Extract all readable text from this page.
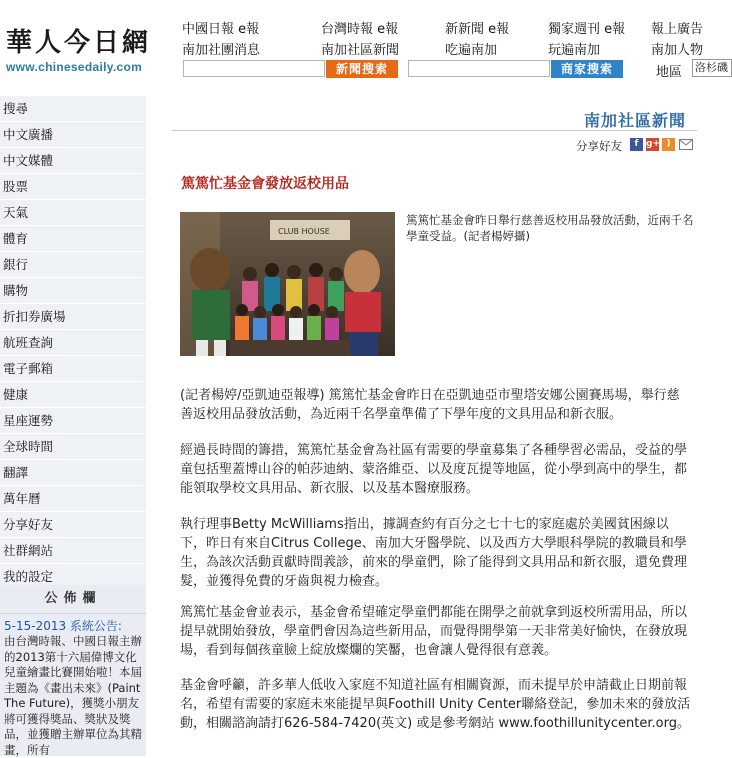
華人今日網
www.chinesedaily.com
中國日報 e報	台灣時報 e報	新新聞 e報	獨家週刊 e報 報上廣告
南加社團消息	南加社區新聞	吃遍南加	玩遍南加	南加人物
新聞搜索	商家搜索	地區 洛杉磯
搜尋
中文廣播
中文媒體
股票
天氣
體育
銀行
購物
折扣券廣場
航班查詢
電子郵箱
健康
星座運勢
全球時間
翻譯
萬年曆
分享好友
社群網站
我的設定
公佈欄
5-15-2013 系統公告:
由台灣時報、中國日報主辦的2013第十六屆偉博文化兒童繪畫比賽開始啦！本屆主題為《畫出未來》(Paint The Future)，獲獎小朋友將可獲得獎品、獎狀及獎品，並獲贈主辦單位為其精畫，所有
南加社區新聞
分享好友	f g+ )
篤篤忙基金會發放返校用品
CLUB HOUSE
篤篤忙基金會昨日舉行慈善返校用品發放活動，近兩千名學童受益。(記者楊婷攝)
(記者楊婷/亞凱迪亞報導) 篤篤忙基金會昨日在亞凱迪亞市聖塔安娜公園賽馬場，舉行慈善返校用品發放活動，為近兩千名學童準備了下學年度的文具用品和新衣服。
經過長時間的籌措，篤篤忙基金會為社區有需要的學童募集了各種學習必需品，受益的學童包括聖蓋博山谷的帕莎迪納、蒙洛維亞、以及度瓦提等地區，從小學到高中的學生，都能領取學校文具用品、新衣服、以及基本醫療服務。
執行理事Betty McWilliams指出，據調查約有百分之七十七的家庭處於美國貧困線以下，昨日有來自Citrus College、南加大牙醫學院、以及西方大學眼科學院的教職員和學生，為該次活動貢獻時間義診，前來的學童們，除了能得到文具用品和新衣服，還免費理髮，並獲得免費的牙齒與視力檢查。
篤篤忙基金會並表示，基金會希望確定學童們都能在開學之前就拿到返校所需用品，所以提早就開始發放，學童們會因為這些新用品，而覺得開學第一天非常美好愉快，在發放現場，看到每個孩童臉上綻放燦爛的笑靨，也會讓人覺得很有意義。
基金會呼籲，許多華人低收入家庭不知道社區有相關資源，而未提早於申請截止日期前報名，希望有需要的家庭未來能提早與Foothill Unity Center聯絡登記，參加未來的發放活動，相關諮詢請打626-584-7420(英文) 或是參考網站 www.foothillunitycenter.org。
